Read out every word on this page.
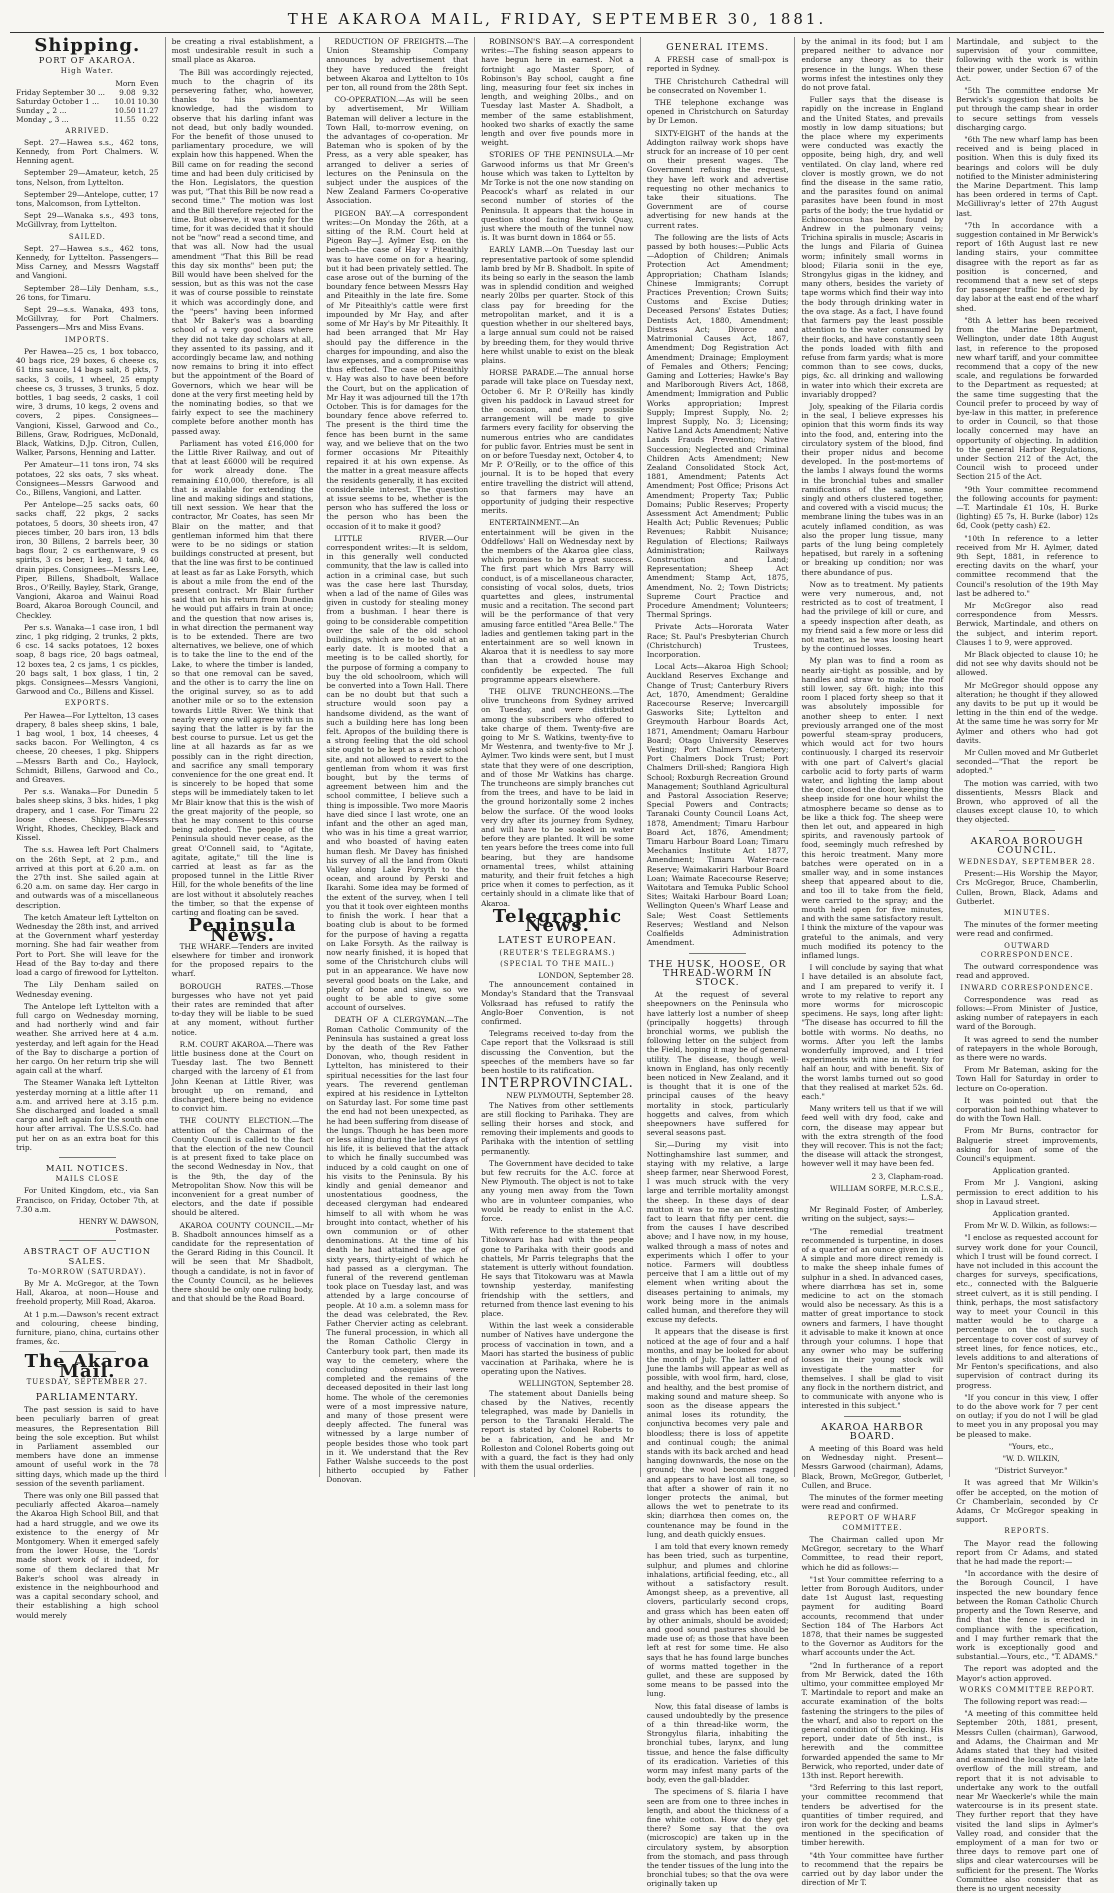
THE AKAROA MAIL, FRIDAY, SEPTEMBER 30, 1881.
Shipping.
PORT OF AKAROA.
High Water.
	Morn	Even
Friday September 30 ...	9.08	9.32
Saturday October 1 ...	10.01	10.30
Sunday „ 2 ...	10.50	11.27
Monday „ 3 ...	11.55	0.22
ARRIVED.

Sept. 27—Hawea s.s., 462 tons, Kennedy, from Port Chalmers. W. Henning agent.

September 29—Amateur, ketch, 25 tons, Nelson, from Lyttelton.

September 29—Antelope, cutter, 17 tons, Malcomson, from Lyttelton.

Sept 29—Wanaka s.s., 493 tons, McGillvray, from Lyttelton.

SAILED.

Sept. 27—Hawea s.s., 462 tons, Kennedy, for Lyttelton. Passengers—Miss Carney, and Messrs Wagstaff and Vangioni.

September 28—Lily Denham, s.s., 26 tons, for Timaru.

Sept 29—s.s. Wanaka, 493 tons, McGillvray, for Port Chalmers. Passengers—Mrs and Miss Evans.

IMPORTS.

Per Hawea—25 cs, 1 box tobacco, 40 bags rice, 29 boxes, 6 cheese cs, 61 tins sauce, 14 bags salt, 8 pkts, 7 sacks, 3 coils, 1 wheel, 25 empty cheese cs, 3 trusses, 3 trunks, 5 doz. bottles, 1 bag seeds, 2 casks, 1 coil wire, 3 drums, 10 kegs, 2 ovens and covers, 2 pipes. Consignees—Vangioni, Kissel, Garwood and Co., Billens, Graw, Rodrigues, McDonald, Black, Watkins, D.Jp. Citron, Cullen, Walker, Parsons, Henning and Latter.

Per Amateur—11 tons iron, 74 sks potatoes, 22 sks oats, 7 sks wheat. Consignees—Messrs Garwood and Co., Billens, Vangioni, and Latter.

Per Antelope—25 sacks oats, 60 sacks chaff, 22 pkgs, 2 sacks potatoes, 5 doors, 30 sheets iron, 47 pieces timber, 20 bars iron, 13 bdls iron, 30 Billens, 2 barrels beer, 30 bags flour, 2 cs earthenware, 9 cs spirits, 3 cs beer, 1 keg, 1 tank, 40 drain pipes. Consignees—Messrs Lee, Piper, Billens, Shadbolt, Wallace Bros., O'Reilly, Bayley, Stark, Grange, Vangioni, Akaroa and Wainui Road Board, Akaroa Borough Council, and Checkley.

Per s.s. Wanaka—1 case iron, 1 bdl zinc, 1 pkg ridging, 2 trunks, 2 pkts, 6 csc. 14 sacks potatoes, 12 boxes soap, 8 bags rice, 20 bags oatmeal, 12 boxes tea, 2 cs jams, 1 cs pickles, 20 bags salt, 1 box glass, 1 tin, 2 pkgs. Consignees—Messrs Vangioni, Garwood and Co., Billens and Kissel.

EXPORTS.

Per Hawea—For Lyttelton, 13 cases drapery, 8 bales sheep skins, 1 bale, 1 bag wool, 1 box, 14 cheeses, 4 sacks bacon. For Wellington, 4 cs cheese, 20 cheeses, 1 pkg. Shippers—Messrs Barth and Co., Haylock, Schmidt, Billens, Garwood and Co., and Greaves.

Per s.s. Wanaka—For Dunedin 5 bales sheep skins, 3 bks. hides, 1 pkg drapery, and 1 case. For Timaru 22 loose cheese. Shippers—Messrs Wright, Rhodes, Checkley, Black and Kissel.

The s.s. Hawea left Port Chalmers on the 26th Sept, at 2 p.m., and arrived at this port at 6.20 a.m. on the 27th inst. She sailed again at 6.20 a.m. on same day. Her cargo in and outwards was of a miscellaneous description.

The ketch Amateur left Lyttelton on Wednesday the 28th inst, and arrived at the Government wharf yesterday morning. She had fair weather from Port to Port. She will leave for the Head of the Bay to-day and there load a cargo of firewood for Lyttelton.

The Lily Denham sailed on Wednesday evening.

The Antelope left Lyttelton with a full cargo on Wednesday morning, and had northerly wind and fair weather. She arrived here at 4 a.m. yesterday, and left again for the Head of the Bay to discharge a portion of her cargo. On her return trip she will again call at the wharf.

The Steamer Wanaka left Lyttelton yesterday morning at a little after 11 a.m. and arrived here at 3.15 p.m. She discharged and loaded a small cargo and left again for the south one hour after arrival. The U.S.S.Co. had put her on as an extra boat for this trip.

MAIL NOTICES.
MAILS CLOSE

For United Kingdom, etc., via San Francisco, on Friday, October 7th, at 7.30 a.m.

HENRY W. DAWSON,
Postmaster.
ABSTRACT OF AUCTION SALES.
To-MORROW (SATURDAY).

By Mr A. McGregor, at the Town Hall, Akaroa, at noon—House and freehold property, Mill Road, Akaroa.

At 1 p.m.—Dawson's recent extract and colouring, cheese binding, furniture, piano, china, curtains other frames, &c.

The Akaroa Mail.
TUESDAY, SEPTEMBER 27.
PARLIAMENTARY.

The past session is said to have been peculiarly barren of great measures, the Representation Bill being the sole exception. But whilst in Parliament assembled our members have done an immense amount of useful work in the 78 sitting days, which made up the third session of the seventh parliament.

There was only one Bill passed that peculiarly affected Akaroa—namely the Akaroa High School Bill, and that had a hard struggle, and we owe its existence to the energy of Mr Montgomery. When it emerged safely from the lower House, the 'Lords' made short work of it indeed, for some of them declared that Mr Baker's school was already in existence in the neighbourhood and was a capital secondary school, and their establishing a high school would merely

be creating a rival establishment, a most undesirable result in such a small place as Akaroa.

The Bill was accordingly rejected, much to the chagrin of its persevering father, who, however, thanks to his parliamentary knowledge, had the wisdom to observe that his darling infant was not dead, but only badly wounded. For the benefit of those unused to parliamentary procedure, we will explain how this happened. When the Bill came on for reading the second time and had been duly criticised by the Hon. Legislators, the question was put, "That this Bill be now read a second time." The motion was lost and the Bill therefore rejected for the time. But observe, it was only for the time, for it was decided that it should not be "now" read a second time, and that was all. Now had the usual amendment "That this Bill be read this day six months" been put; the Bill would have been shelved for the session, but as this was not the case it was of course possible to reinstate it which was accordingly done, and the "peers" having been informed that Mr Baker's was a boarding school of a very good class where they did not take day scholars at all, they assented to its passing, and it accordingly became law, and nothing now remains to bring it into effect but the appointment of the Board of Governors, which we hear will be done at the very first meeting held by the nominating bodies, so that we fairly expect to see the machinery complete before another month has passed away.

Parliament has voted £16,000 for the Little River Railway, and out of that at least £6000 will be required for work already done. The remaining £10,000, therefore, is all that is available for extending the line and making sidings and stations, till next session. We hear that the contractor, Mr Coates, has seen Mr Blair on the matter, and that gentleman informed him that there were to be no sidings or station buildings constructed at present, but that the line was first to be continued at least as far as Lake Forsyth, which is about a mile from the end of the present contract. Mr Blair further said that on his return from Dunedin he would put affairs in train at once; and the question that now arises is, in what direction the permanent way is to be extended. There are two alternatives, we believe, one of which is to take the line to the end of the Lake, to where the timber is landed, so that one removal can be saved, and the other is to carry the line on the original survey, so as to add another mile or so to the extension towards Little River. We think that nearly every one will agree with us in saying that the latter is by far the best course to pursue. Let us get the line at all hazards as far as we possibly can in the right direction, and sacrifice any small temporary convenience for the one great end. It is sincerely to be hoped that some steps will be immediately taken to let Mr Blair know that this is the wish of the great majority of the people, so that he may consent to this course being adopted. The people of the Peninsula should never cease, as the great O'Connell said, to "Agitate, agitate, agitate," till the line is carried at least as far as the proposed tunnel in the Little River Hill, for the whole benefits of the line are lost without it absolutely reaches the timber, so that the expense of carting and floating can be saved.

Peninsula News.

THE WHARF.—Tenders are invited elsewhere for timber and ironwork for the proposed repairs to the wharf.

BOROUGH RATES.—Those burgesses who have not yet paid their rates are reminded that after to-day they will be liable to be sued at any moment, without further notice.

R.M. COURT AKAROA.—There was little business done at the Court on Tuesday last. The two Bennett charged with the larceny of £1 from John Keenan at Little River, was brought up on remand, and discharged, there being no evidence to convict him.

THE COUNTY ELECTION.—The attention of the Chairman of the County Council is called to the fact that the election of the new Council is at present fixed to take place on the second Wednesday in Nov., that is the 9th, the day of the Metropolitan Show. Now this will be inconvenient for a great number of electors, and the date if possible should be altered.

AKAROA COUNTY COUNCIL.—Mr B. Shadbolt announces himself as a candidate for the representation of the Gerard Riding in this Council. It will be seen that Mr Shadbolt, though a candidate, is not in favor of the County Council, as he believes there should be only one ruling body, and that should be the Road Board.

REDUCTION OF FREIGHTS.—The Union Steamship Company announces by advertisement that they have reduced the freight between Akaroa and Lyttelton to 10s per ton, all round from the 28th Sept.

CO-OPERATION.—As will be seen by advertisement, Mr William Bateman will deliver a lecture in the Town Hall, to-morrow evening, on the advantages of co-operation. Mr Bateman who is spoken of by the Press, as a very able speaker, has arranged to deliver a series of lectures on the Peninsula on the subject under the auspices of the New Zealand Farmers Co-operative Association.

PIGEON BAY.—A correspondent writes:—On Monday the 26th, at a sitting of the R.M. Court held at Pigeon Bay—J. Aylmer Esq. on the bench—the case of Hay v Piteaithly was to have come on for a hearing, but it had been privately settled. The case arose out of the burning of the boundary fence between Messrs Hay and Piteaithly in the late fire. Some of Mr Piteaithly's cattle were first impounded by Mr Hay, and after some of Mr Hay's by Mr Piteaithly. It had been arranged that Mr Hay should pay the difference in the charges for impounding, and also the law expenses, and a compromise was thus effected. The case of Piteaithly v. Hay was also to have been before the Court, but on the application of Mr Hay it was adjourned till the 17th October. This is for damages for the boundary fence above referred to. The present is the third time the fence has been burnt in the same way, and we believe that on the two former occasions Mr Piteaithly repaired it at his own expense. As the matter in a great measure affects the residents generally, it has excited considerable interest. The question at issue seems to be, whether is the person who has suffered the loss or the person who has been the occasion of it to make it good?

LITTLE RIVER.—Our correspondent writes:—It is seldom, in this generally well conducted community, that the law is called into action in a criminal case, but such was the case here last Thursday, when a lad of the name of Giles was given in custody for stealing money from a bushman. I hear there is going to be considerable competition over the sale of the old school buildings, which are to be sold at an early date. It is mooted that a meeting is to be called shortly, for the purpose of forming a company to buy the old schoolroom, which will be converted into a Town Hall. There can be no doubt but that such a structure would soon pay a handsome dividend, as the want of such a building here has long been felt. Apropos of the building there is a strong feeling that the old school site ought to be kept as a side school site, and not allowed to revert to the gentleman from whom it was first bought, but by the terms of agreement between him and the school committee, I believe such a thing is impossible. Two more Maoris have died since I last wrote, one an infant and the other an aged man, who was in his time a great warrior, and who boasted of having eaten human flesh. Mr Davey has finished his survey of all the land from Okuti Valley along Lake Forsyth to the ocean, and around by Perski and Ikarahi. Some idea may be formed of the extent of the survey, when I tell you that it took over eighteen months to finish the work. I hear that a boating club is about to be formed for the purpose of having a regatta on Lake Forsyth. As the railway is now nearly finished, it is hoped that some of the Christchurch clubs will put in an appearance. We have now several good boats on the Lake, and plenty of bone and sinew, so we ought to be able to give some account of ourselves.

DEATH OF A CLERGYMAN.—The Roman Catholic Community of the Peninsula has sustained a great loss by the death of the Rev Father Donovan, who, though resident in Lyttelton, has ministered to their spiritual necessities for the last four years. The reverend gentleman expired at his residence in Lyttelton on Saturday last. For some time past the end had not been unexpected, as he had been suffering from disease of the lungs. Though he has been more or less ailing during the latter days of his life, it is believed that the attack to which he finally succumbed was induced by a cold caught on one of his visits to the Peninsula. By his kindly and genial demeanor and unostentatious goodness, the deceased clergyman had endeared himself to all with whom he was brought into contact, whether of his own communion or of other denominations. At the time of his death he had attained the age of sixty years, thirty-eight of which he had passed as a clergyman. The funeral of the reverend gentleman took place on Tuesday last, and was attended by a large concourse of people. At 10 a.m. a solemn mass for the dead was celebrated, the Rev. Father Chervier acting as celebrant. The funeral procession, in which all the Roman Catholic Clergy in Canterbury took part, then made its way to the cemetery, where the concluding obsequies were completed and the remains of the deceased deposited in their last long home. The whole of the ceremonies were of a most impressive nature, and many of those present were deeply affected. The funeral was witnessed by a large number of people besides those who took part in it. We understand that the Rev Father Walshe succeeds to the post hitherto occupied by Father Donovan.

ROBINSON'S BAY.—A correspondent writes:—The fishing season appears to have begun here in earnest. Not a fortnight ago Master Sporr, of Robinson's Bay school, caught a fine ling, measuring four feet six inches in length, and weighing 20lbs., and on Tuesday last Master A. Shadbolt, a member of the same establishment, hooked two sharks of exactly the same length and over five pounds more in weight.

STORIES OF THE PENINSULA.—Mr Garwood informs us that Mr Green's house which was taken to Lyttelton by Mr Torke is not the one now standing on Peacock's wharf as related in our second number of stories of the Peninsula. It appears that the house in question stood facing Berwick Quay, just where the mouth of the tunnel now is. It was burnt down in 1864 or 55.

EARLY LAMB.—On Tuesday last our representative partook of some splendid lamb bred by Mr B. Shadbolt. In spite of its being so early in the season the lamb was in splendid condition and weighed nearly 20lbs per quarter. Stock of this class pay for breeding for the metropolitan market, and it is a question whether in our sheltered bays, a large annual sum could not be raised by breeding them, for they would thrive here whilst unable to exist on the bleak plains.

HORSE PARADE.—The annual horse parade will take place on Tuesday next, October 6. Mr P. O'Reilly has kindly given his paddock in Lavaud street for the occasion, and every possible arrangement will be made to give farmers every facility for observing the numerous entries who are candidates for public favor. Entries must be sent in on or before Tuesday next, October 4, to Mr P. O'Reilly, or to the office of this journal. It is to be hoped that every entire travelling the district will attend, so that farmers may have an opportunity of judging their respective merits.

ENTERTAINMENT.—An entertainment will be given in the Oddfellows' Hall on Wednesday next by the members of the Akaroa glee class, which promises to be a great success. The first part which Mrs Barry will conduct, is of a miscellaneous character, consisting of vocal solos, duets, trios quartettes and glees, instrumental music and a recitation. The second part will be the performance of that very amusing farce entitled "Area Belle." The ladies and gentlemen taking part in the entertainment are so well known in Akaroa that it is needless to say more than that a crowded house may confidently be expected. The full programme appears elsewhere.

THE OLIVE TRUNCHEONS.—The olive truncheons from Sydney arrived on Tuesday, and were distributed among the subscribers who offered to take charge of them. Twenty-five are going to Mr S. Watkins, twenty-five to Mr Westenra, and twenty-five to Mr J. Aylmer. Two kinds were sent, but I must state that they were of one description, and of those Mr Watkins has charge. The truncheons are simply branches cut from the trees, and have to be laid in the ground horizontally some 2 inches below the surface. Of the wood looks very dry after its journey from Sydney, and will have to be soaked in water before they are planted. It will be some ten years before the trees come into full bearing, but they are handsome ornamental trees, whilst attaining maturity, and their fruit fetches a high price when it comes to perfection, as it certainly should in a climate like that of Akaroa.

Telegraphic News.
LATEST EUROPEAN.
(REUTER'S TELEGRAMS.)
(SPECIAL TO THE MAIL.)
LONDON, September 28.

The announcement contained in Monday's Standard that the Transvaal Volksraad has refused to ratify the Anglo-Boer Convention, is not confirmed.

Telegrams received to-day from the Cape report that the Volksraad is still discussing the Convention, but the speeches of the members have so far been hostile to its ratification.

INTERPROVINCIAL.
NEW PLYMOUTH, September 28.

The Natives from other settlements are still flocking to Parihaka. They are selling their horses and stock, and removing their implements and goods to Parihaka with the intention of settling permanently.

The Government have decided to take but few recruits for the A.C. force at New Plymouth. The object is not to take any young men away from the Town who are in volunteer companies, who would be ready to enlist in the A.C. force.

With reference to the statement that Titokowaru has had with the people gone to Parihaka with their goods and chattels, Mr Parris telegraphs that the statement is utterly without foundation. He says that Titokowaru was at Mawla township yesterday, manifesting friendship with the settlers, and returned from thence last evening to his place.

Within the last week a considerable number of Natives have undergone the process of vaccination in town, and a Maori has started the business of public vaccination at Parihaka, where he is operating upon the Natives.

WELLINGTON, September 28.

The statement about Daniells being chased by the Natives, recently telegraphed, was made by Daniells in person to the Taranaki Herald. The report is stated by Colonel Roberts to be a fabrication, and he and Mr Rolleston and Colonel Roberts going out with a guard, the fact is they had only with them the usual orderlies.

GENERAL ITEMS.

A FRESH case of small-pox is reported in Sydney.

THE Christchurch Cathedral will be consecrated on November 1.

THE telephone exchange was opened in Christchurch on Saturday by Dr Lemon.

SIXTY-EIGHT of the hands at the Addington railway work shops have struck for an increase of 10 per cent on their present wages. The Government refusing the request, they have left work and advertise requesting no other mechanics to take their situations. The Government are of course advertising for new hands at the current rates.

The following are the lists of Acts passed by both houses:—Public Acts—Adoption of Children; Animals Protection Act Amendment; Appropriation; Chatham Islands; Chinese Immigrants; Corrupt Practices Prevention; Crown Suits; Customs and Excise Duties; Deceased Persons' Estates Duties; Dentists Act, 1880, Amendment; Distress Act; Divorce and Matrimonial Causes Act, 1867, Amendment; Dog Registration Act Amendment; Drainage; Employment of Females and Others; Fencing; Gaming and Lotteries; Hawke's Bay and Marlborough Rivers Act, 1868, Amendment; Immigration and Public Works appropriation; Imprest Supply; Imprest Supply, No. 2; Imprest Supply, No. 3; Licensing; Native Land Acts Amendment; Native Lands Frauds Prevention; Native Succession; Neglected and Criminal Children Acts Amendment; New Zealand Consolidated Stock Act, 1881, Amendment; Patents Act Amendment; Post Office; Prisons Act Amendment; Property Tax; Public Domains; Public Reserves; Property Assessment Act Amendment; Public Health Act; Public Revenues; Public Revenues; Rabbit Nuisance; Regulation of Elections; Railways Administration; Railways Construction and Land; Representation; Sheep Act Amendment; Stamp Act, 1875, Amendment, No. 2; Town Districts; Supreme Court Practice and Procedure Amendment; Volunteers; Thermal Springs.

Private Acts—Hororata Water Race; St. Paul's Presbyterian Church (Christchurch) Trustees, Incorporation.

Local Acts—Akaroa High School; Auckland Reserves Exchange and Change of Trust; Canterbury Rivers Act, 1870, Amendment; Geraldine Racecourse Reserve; Invercargill Gasworks Site; Lyttelton and Greymouth Harbour Boards Act, 1871, Amendment; Oamaru Harbour Board; Otago University Reserves Vesting; Port Chalmers Cemetery; Port Chalmers Dock Trust; Port Chalmers Drill-shed; Rangiora High School; Roxburgh Recreation Ground Management; Southland Agricultural and Pastoral Association Reserve; Special Powers and Contracts; Taranaki County Council Loans Act, 1878, Amendment; Timaru Harbour Board Act, 1876, Amendment; Timaru Harbour Board Loan; Timaru Mechanics Institute Act 1877, Amendment; Timaru Water-race Reserve; Waimakariri Harbour Board Loan; Waimate Racecourse Reserve; Waitotara and Temuka Public School Sites; Waitaki Harbour Board Loan; Wellington Queen's Wharf Lease and Sale; West Coast Settlements Reserves; Westland and Nelson Coalfields Administration Amendment.

THE HUSK, HOOSE, OR THREAD-WORM IN STOCK.

At the request of several sheepowners on the Peninsula who have latterly lost a number of sheep (principally hoggetts) through bronchial worms, we publish the following letter on the subject from the Field, hoping it may be of general utility. The disease, though well-known in England, has only recently been noticed in New Zealand, and it is thought that it is one of the principal causes of the heavy mortality in stock, particularly hoggetts and calves, from which sheepowners have suffered for several seasons past.

Sir,—During my visit into Nottinghamshire last summer, and staying with my relative, a large sheep farmer, near Sherwood Forest, I was much struck with the very large and terrible mortality amongst the sheep. In these days of dear mutton it was to me an interesting fact to learn that fifty per cent. die from the causes I have described above; and I have now, in my house, walked through a mass of notes and experiments which I offer to your notice. Farmers will doubtless perceive that I am a little out of my element when writing about the diseases pertaining to animals, my work being more in the animals called human, and therefore they will excuse my defects.

It appears that the disease is first noticed at the age of four and a half months, and may be looked for about the month of July. The latter end of June the lambs will appear as well as possible, with wool firm, hard, close, and healthy, and the best promise of making sound and mature sheep. So soon as the disease appears the animal loses its rotundity, the conjunctiva becomes very pale and bloodless; there is loss of appetite and continual cough; the animal stands with its back arched and head hanging downwards, the nose on the ground; the wool becomes ragged and appears to have lost all tone, so that after a shower of rain it no longer protects the animal, but allows the wet to penetrate to its skin; diarrhœa then comes on, the countenance may be found in the lung, and death quickly ensues.

I am told that every known remedy has been tried, such as turpentine, sulphur, and plumes and chlorine inhalations, artificial feeding, etc., all without a satisfactory result. Amongst sheep, as a preventive, all clovers, particularly second crops, and grass which has been eaten off by other animals, should be avoided; and good sound pastures should be made use of; as those that have been left at rest for some time. He also says that he has found large bunches of worms matted together in the gullet, and these are supposed by some means to be passed into the lung.

Now, this fatal disease of lambs is caused undoubtedly by the presence of a thin thread-like worm, the Strongylus filaria, inhabiting the bronchial tubes, larynx, and lung tissue, and hence the false difficulty of its eradication. Varieties of this worm may infest many parts of the body, even the gall-bladder.

The specimens of S. filaria I have seen are from one to three inches in length, and about the thickness of a fine white cotton. How do they get there? Some say that the ova (microscopic) are taken up in the circulatory system, by absorption from the stomach, and pass through the tender tissues of the lung into the bronchial tubes; so that the ova were originally taken up

by the animal in its food; but I am prepared neither to advance nor endorse any theory as to their presence in the lungs. When these worms infest the intestines only they do not prove fatal.

Fuller says that the disease is rapidly on the increase in England and the United States, and prevails mostly in low damp situations; but the place where my experiments were conducted was exactly the opposite, being high, dry, and well ventilated. On clay land, where red clover is mostly grown, we do not find the disease in the same ratio, and the parasites found on animal parasites have been found in most parts of the body; the true hydatid or Echinococcus has been found by Andrew in the pulmonary veins; Trichina spiralis in muscle; Ascaris in the lungs and Filaria of Guinea worm; infinitely small worms in blood; Filaria sonii in the eye, Strongylus gigas in the kidney, and many others, besides the variety of tape worms which find their way into the body through drinking water in the ova stage. As a fact, I have found that farmers pay the least possible attention to the water consumed by their flocks, and have constantly seen the ponds loaded with filth and refuse from farm yards; what is more common than to see cows, ducks, pigs, &c. all drinking and wallowing in water into which their excreta are invariably dropped?

Joly, speaking of the Filaria cordis in the seal, I believe expresses his opinion that this worm finds its way into the food, and, entering into the circulatory system of the blood, find their proper nidus and become developed. In the post-mortems of the lambs I always found the worms in the bronchial tubes and smaller ramifications of the same, some singly and others clustered together, and covered with a viscid mucus; the membrane lining the tubes was in an acutely inflamed condition, as was also the proper lung tissue, many parts of the lung being completely hepatised, but rarely in a softening or breaking up condition; nor was there abundance of pus.

Now as to treatment. My patients were very numerous, and, not restricted as to cost of treatment, I had the privilege of kill or cure, and a speedy inspection after death, as my friend said a few more or less did not matter, as he was loosing heart by the continued losses.

My plan was to find a room as nearly air-tight as possible, and by handles and straw to make the roof still lower, say 6ft. high; into this room I placed forty sheep so that it was absolutely impossible for another sheep to enter. I next previously arranged one of the most powerful steam-spray producers, which would act for two hours continuously. I charged its reservoir with one part of Calvert's glacial carbolic acid to forty parts of warm water, and lighting the lamp about the door, closed the door, keeping the sheep inside for one hour whilst the atmosphere became so dense as to be like a thick fog. The sheep were then let out, and appeared in high spirits, and ravenously partook of food, seemingly much refreshed by this heroic treatment. Many more batches were operated on in a smaller way, and in some instances sheep that appeared about to die, and too ill to take from the field, were carried to the spray; and the mouth held open for five minutes, and with the same satisfactory result. I think the mixture of the vapour was grateful to the animals, and very much modified its potency to the inflamed lungs.

I will conclude by saying that what I have detailed is an absolute fact, and I am prepared to verify it. I wrote to my relative to report any more worms for microscopic specimens. He says, long after light: "The disease has occurred to fill the bottle with worms. No deaths, no worms. After you left the lambs wonderfully improved, and I tried experiments with nine in twenty for half an hour, and with benefit. Six of the worst lambs turned out so good that they realised at market 52s. 6d. each."

Many writers tell us that if we will feed well with dry food, cake and corn, the disease may appear but with the extra strength of the food they will recover. This is not the fact; the disease will attack the strongest, however well it may have been fed.

2 3, Clapham-road.

WILLIAM SORFE, M.R.C.S.E., L.S.A.

Mr Reginald Foster, of Amberley, writing on the subject, says:—

"The remedial treatment recommended is turpentine, in doses of a quarter of an ounce given in oil. A simple and more direct remedy is to make the sheep inhale fumes of sulphur in a shed. In advanced cases, where diarrhœa has set in, some medicine to act on the stomach would also be necessary. As this is a matter of great importance to stock owners and farmers, I have thought it advisable to make it known at once through your columns. I hope that any owner who may be suffering losses in their young stock will investigate the matter for themselves. I shall be glad to visit any flock in the northern district, and to communicate with anyone who is interested in this subject."

AKAROA HARBOR BOARD.

A meeting of this Board was held on Wednesday night. Present—Messrs Garwood (chairman), Adams, Black, Brown, McGregor, Gutberlet, Cullen, and Bruce.

The minutes of the former meeting were read and confirmed.

REPORT OF WHARF COMMITTEE.

The Chairman called upon Mr McGregor, secretary to the Wharf Committee, to read their report, which he did as follows:—

"1st Your committee referring to a letter from Borough Auditors, under date 1st August last, requesting payment for auditing Board accounts, recommend that under Section 184 of The Harbors Act 1878, that their names be suggested to the Governor as Auditors for the wharf accounts under the Act.

"2nd In furtherance of a report from Mr Berwick, dated the 16th ultimo, your committee employed Mr T. Martindale to report and make an accurate examination of the bolts fastening the stringers to the piles of the wharf, and also to report on the general condition of the decking. His report, under date of 5th inst., is herewith and the committee forwarded appended the same to Mr Berwick, who reported, under date of 13th inst. Report herewith.

"3rd Referring to this last report, your committee recommend that tenders be advertised for the quantities of timber required, and iron work for the decking and beams mentioned in the specification of timber herewith.

"4th Your committee have further to recommend that the repairs be carried out by day labor under the direction of Mr T.

Martindale, and subject to the supervision of your committee, following with the work is within their power, under Section 67 of the Act.

"5th The committee endorse Mr Berwick's suggestion that bolts be put through the camp shear in order to secure settings from vessels discharging cargo.

"6th The new wharf lamp has been received and is being placed in position. When this is duly fixed its bearings and colors will be duly notified to the Minister administering the Marine Department. This lamp has been ordered in terms of Capt. McGillivray's letter of 27th August last.

"7th In accordance with a suggestion contained in Mr Berwick's report of 16th August last re new landing stairs, your committee disagree with the report as far as position is concerned, and recommend that a new set of steps for passenger traffic be erected by day labor at the east end of the wharf shed.

"8th A letter has been received from the Marine Department, Wellington, under date 18th August last, in reference to the proposed new wharf tariff, and your committee recommend that a copy of the new scale, and regulations be forwarded to the Department as requested; at the same time suggesting that the Council prefer to proceed by way of bye-law in this matter, in preference to order in Council, so that those locally concerned may have an opportunity of objecting. In addition to the general Harbor Regulations, under Section 212 of the Act, the Council wish to proceed under Section 215 of the Act.

"9th Your committee recommend the following accounts for payment:—T. Martindale £1 10s, H. Burke (lighting) £5 7s, H. Burke (labor) 12s 6d, Cook (petty cash) £2.

"10th In reference to a letter received from Mr H. Aylmer, dated 9th Sept, 1881, in reference to erecting davits on the wharf, your committee recommend that the Council's resolution of the 19th May last be adhered to."

Mr McGregor also read correspondence from Messrs. Berwick, Martindale, and others on the subject, and interim report. Clauses 1 to 9, were approved.

Mr Black objected to clause 10; he did not see why davits should not be allowed.

Mr McGregor should oppose any alteration; he thought if they allowed any davits to be put up it would be letting in the thin end of the wedge. At the same time he was sorry for Mr Aylmer and others who had got davits.

Mr Cullen moved and Mr Gutberlet seconded—"That the report be adopted."

The motion was carried, with two dissentients, Messrs Black and Brown, who approved of all the clauses except clause 10, to which they objected.

AKAROA BOROUGH COUNCIL.
WEDNESDAY, SEPTEMBER 28.

Present:—His Worship the Mayor, Crs McGregor, Bruce, Chamberlin, Cullen, Brown, Black, Adams and Gutberlet.

MINUTES.

The minutes of the former meeting were read and confirmed.

OUTWARD CORRESPONDENCE.

The outward correspondence was read and approved.

INWARD CORRESPONDENCE.

Correspondence was read as follows:—From Minister of Justice, asking number of ratepayers in each ward of the Borough.

It was agreed to send the number of ratepayers in the whole Borough, as there were no wards.

From Mr Bateman, asking for the Town Hall for Saturday in order to lecture on Co-operation.

It was pointed out that the corporation had nothing whatever to do with the Town Hall.

From Mr Burns, contractor for Balguerie street improvements, asking for loan of some of the Council's equipment.

Application granted.

From Mr J. Vangioni, asking permission to erect addition to his shop in Lavaud street.

Application granted.

From Mr W. D. Wilkin, as follows:—

"I enclose as requested account for survey work done for your Council, which I trust will be found correct. I have not included in this account the charges for surveys, specifications, etc., connected with the Balguerie street culvert, as it is still pending. I think, perhaps, the most satisfactory way to meet your Council in this matter would be to charge a percentage on the outlay, such percentage to cover cost of survey of street lines, for fence notices, etc., levels additions to and alterations of Mr Fenton's specifications, and also supervision of contract during its progress.

"If you concur in this view, I offer to do the above work for 7 per cent on outlay; if you do not I will be glad to meet you in any proposal you may be pleased to make.

"Yours, etc.,

"W. D. WILKIN,

"District Surveyor."

It was agreed that Mr Wilkin's offer be accepted, on the motion of Cr Chamberlain, seconded by Cr Adams, Cr McGregor speaking in support.

REPORTS.

The Mayor read the following report from Cr Adams, and stated that he had made the report:—

"In accordance with the desire of the Borough Council, I have inspected the new boundary fence between the Roman Catholic Church property and the Town Reserve, and find that the fence is erected in compliance with the specification, and I may further remark that the work is exceptionally good and substantial.—Yours, etc., "T. ADAMS."

The report was adopted and the Mayor's action approved.

WORKS COMMITTEE REPORT.

The following report was read:—

"A meeting of this committee held September 20th, 1881, present, Messrs Cullen (chairman), Garwood, and Adams, the Chairman and Mr Adams stated that they had visited and examined the locality of the late overflow of the mill stream, and report that it is not advisable to undertake any work to the outfall near Mr Waeckerle's while the main watercourse is in its present state. They further report that they have visited the land slips in Aylmer's Valley road, and consider that the employment of a man for two or three days to remove part one of slips and clear watercourses will be sufficient for the present. The Works Committee also consider that as there is no urgent necessity
